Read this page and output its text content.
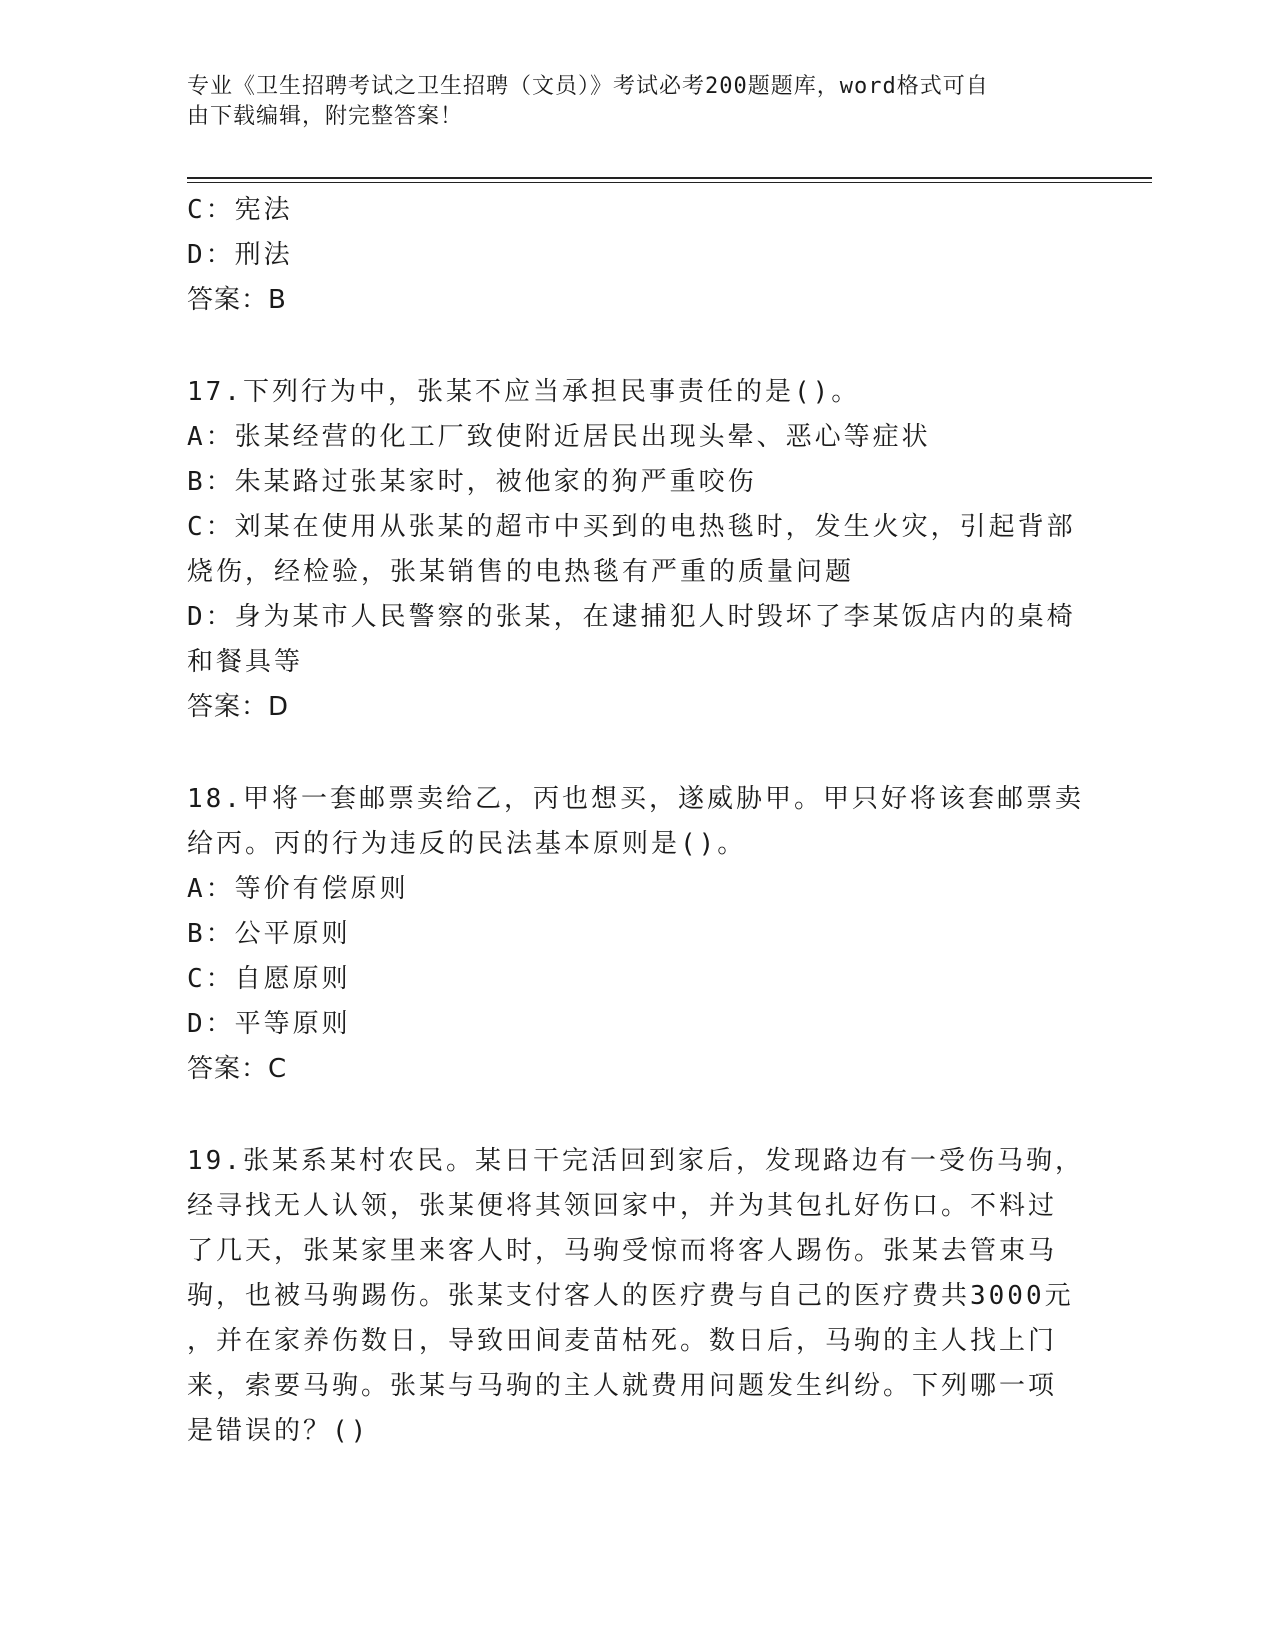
专业《卫生招聘考试之卫生招聘（文员）》考试必考200题题库，word格式可自
由下载编辑，附完整答案！
C：宪法
D：刑法
答案：B
17.下列行为中，张某不应当承担民事责任的是()。
A：张某经营的化工厂致使附近居民出现头晕、恶心等症状
B：朱某路过张某家时，被他家的狗严重咬伤
C：刘某在使用从张某的超市中买到的电热毯时，发生火灾，引起背部
烧伤，经检验，张某销售的电热毯有严重的质量问题
D：身为某市人民警察的张某，在逮捕犯人时毁坏了李某饭店内的桌椅
和餐具等
答案：D
18.甲将一套邮票卖给乙，丙也想买，遂威胁甲。甲只好将该套邮票卖
给丙。丙的行为违反的民法基本原则是()。
A：等价有偿原则
B：公平原则
C：自愿原则
D：平等原则
答案：C
19.张某系某村农民。某日干完活回到家后，发现路边有一受伤马驹，
经寻找无人认领，张某便将其领回家中，并为其包扎好伤口。不料过
了几天，张某家里来客人时，马驹受惊而将客人踢伤。张某去管束马
驹，也被马驹踢伤。张某支付客人的医疗费与自己的医疗费共3000元
，并在家养伤数日，导致田间麦苗枯死。数日后，马驹的主人找上门
来，索要马驹。张某与马驹的主人就费用问题发生纠纷。下列哪一项
是错误的？()
